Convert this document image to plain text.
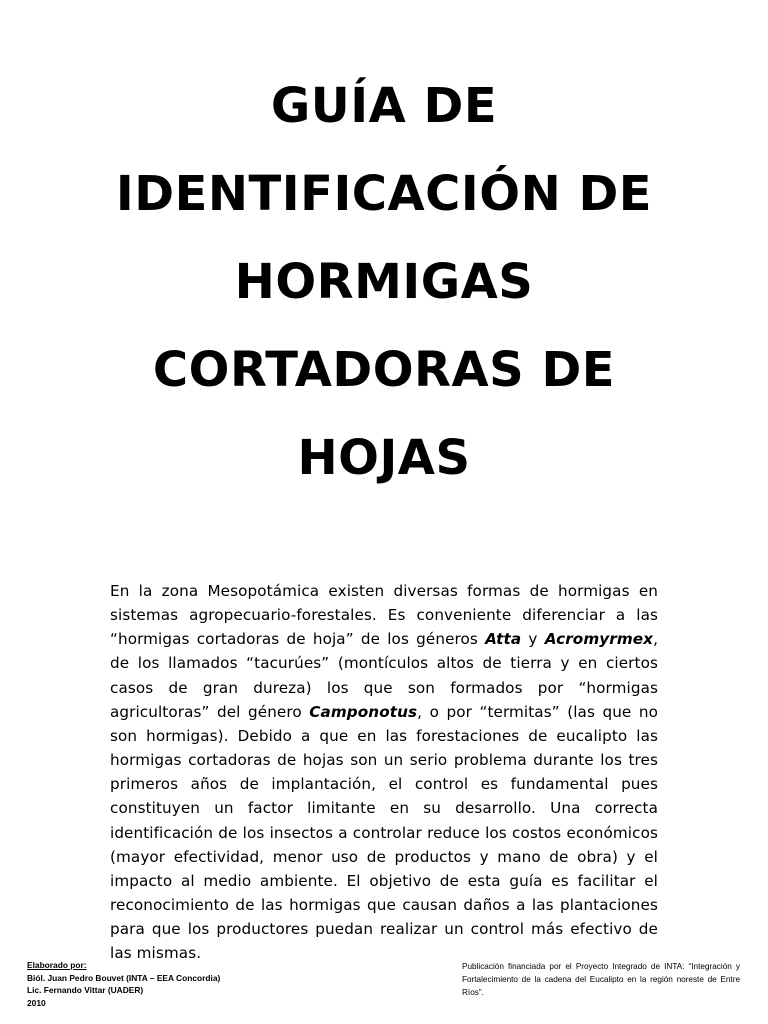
GUÍA DE
IDENTIFICACIÓN DE
HORMIGAS
CORTADORAS DE
HOJAS

En la zona Mesopotámica existen diversas formas de hormigas en sistemas agropecuario-forestales. Es conveniente diferenciar a las “hormigas cortadoras de hoja” de los géneros Atta y Acromyrmex, de los llamados “tacurúes” (montículos altos de tierra y en ciertos casos de gran dureza) los que son formados por “hormigas agricultoras” del género Camponotus, o por “termitas” (las que no son hormigas). Debido a que en las forestaciones de eucalipto las hormigas cortadoras de hojas son un serio problema durante los tres primeros años de implantación, el control es fundamental pues constituyen un factor limitante en su desarrollo. Una correcta identificación de los insectos a controlar reduce los costos económicos (mayor efectividad, menor uso de productos y mano de obra) y el impacto al medio ambiente. El objetivo de esta guía es facilitar el reconocimiento de las hormigas que causan daños a las plantaciones para que los productores puedan realizar un control más efectivo de las mismas.

Elaborado por:
Biól. Juan Pedro Bouvet (INTA – EEA Concordia)
Lic. Fernando Vittar (UADER)
2010
Publicación financiada por el Proyecto Integrado de INTA: “Integración y Fortalecimiento de la cadena del Eucalipto en la región noreste de Entre Ríos”.
